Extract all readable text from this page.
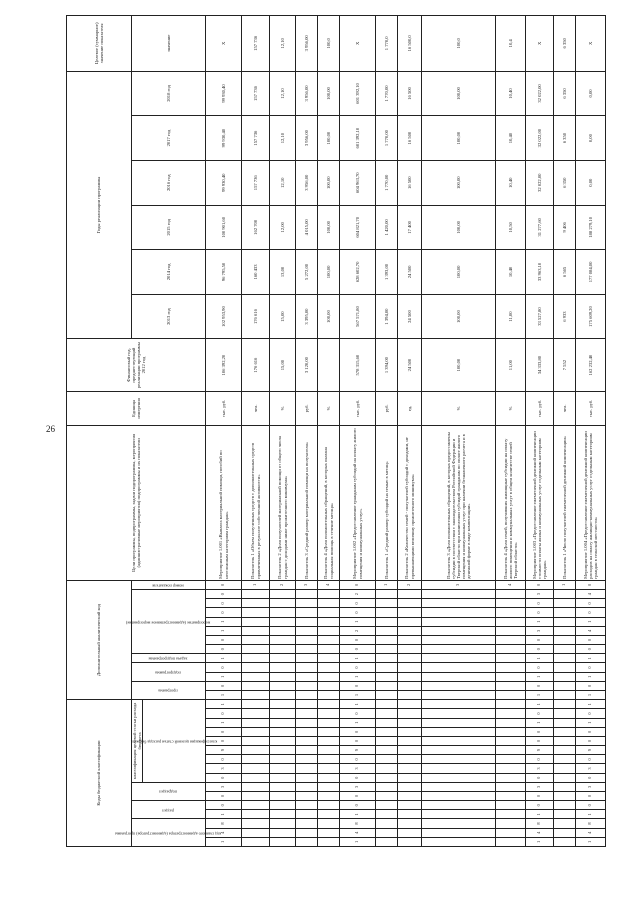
26
Коды бюджетной классификации																Дополнительный аналитический код													Цели программы, подпрограммы, задачи подпрограммы, мероприятия (административные мероприятия) подпрограммы и их показатели	Единица измерения	Финансовый год, предшествующий реализации программы 2012 год	Годы реализации программы						Целевое (суммарное) значение показателя

код главного администратора (администратора) программы			раздел		подраздел		классификация целевой статьи расхода бюджета									программа		подпрограмма		задача подпрограммы	мероприятие (административное мероприятие)							номер показателя				2013 год	2014 год	2015 год	2016 год	2017 год	2018 год	значение

							классификация целевой статьи расхода бюджета																															

1	4	8	1	0	0	3	0	3	0	9	0	0	1	0	1	1	0	1	0	1	0	0	1	1	0	0	0	0	Мероприятие 1.001 «Выплата материальной помощи, пособий по неотложным категориям граждан»	тыс. руб.	106 392,20	102 953,90	96 795,50	100 901,60	99 930,40	99 930,40	99 930,40	X
																												1	Показатель 1 «Объем полученных средств с дополнительных средств привлеченных в результате собственной активности»	чел.	176 616	176 616	160 433	162 700	157 736	157 736	157 736	157 736
																												2	Показатель 2 «Доля получателей материальной помощи от общего числа граждан с доходами ниже прожиточного минимума»	%	15,00	15,00	13,00	12,00	12,10	12,10	12,10	12,10
																												3	Показатель 3 «Средний размер материальной помощи на получателя»	руб.	3 120,00	3 395,00	5 272,00	4 015,00	3 956,00	3 956,00	3 956,00	3 956,00
																												4	Показатель 4 «Доля положительных обращений, в которых оказана социальная помощь в течение месяца»	%		100,00	100,00	100,00	100,00	100,00	100,00	100,0
1	4	8	1	0	0	3	0	3	0	9	0	0	1	0	1	1	0	1	0	1	0	0	2	1	0	0	2	0	Мероприятие 1.002 «Предоставление гражданам субсидий на оплату жилого помещения и коммунальных услуг»	тыс. руб.	578 315,60	567 571,80	628 602,70	604 821,70	604 963,70	601 392,10	601 392,10	X
																												1	Показатель 1 «Средний размер субсидий на семью в месяц»	руб.	1 394,00	1 394,00	1 393,00	1 420,00	1 770,00	1 770,00	1 770,00	1 770,0
																												2	Показатель 2 «Количество семей - получателей субсидий с доходами, не превышающими величину прожиточного минимума»	ед.	24 500	24 500	24 500	17 400	16 500	16 500	16 500	16 500,0
																												3	Показатель 3 «Доля положительных обращений, в которых предоставлены субсидии в соответствии с законодательством Российской Федерации и Тверской области при начислении субсидий гражданам по оплате жилого помещения и коммунальных услуг при наличии безналичного расчета и в денежной форме в виде компенсации»	%	100,00	100,00	100,00	100,00	100,00	100,00	100,00	100,0
																												4	Показатель 4 «Доля семей, получивших жилищные субсидии на оплату жилого помещения и коммунальных услуг в общем количестве семей Тверской области»	%	11,00	11,00	10,40	10,50	10,40	10,40	10,40	10,4
1	4	8	1	0	0	3	0	3	0	9	0	0	1	0	1	1	0	1	0	1	0	0	3	1	0	0	3	0	Мероприятие 1.003 «Предоставление ежемесячной денежной компенсации стоимости оплаты жилья и коммунальных услуг отдельным категориям граждан»	тыс. руб.	34 333,80	33 527,80	33 963,10	31 277,60	32 022,00	32 022,00	32 022,00	X
																												1	Показатель 1 «Число получателей ежемесячной денежной компенсации»	чел.	7 552	6 933	6 565	9 406	6 350	6 350	6 350	6 350
1	4	8	1	0	0	3	0	3	0	9	0	0	1	0	1	1	0	1	0	1	0	0	4	1	0	0	4	0	Мероприятие 1.004 «Предоставление ежемесячной денежной компенсации расходов на оплату жилищно-коммунальных услуг отдельным категориям граждан в сельской местности»	тыс. руб.	162 232,40	175 609,20	177 084,00	188 279,10	0,00	0,00	0,00	X
